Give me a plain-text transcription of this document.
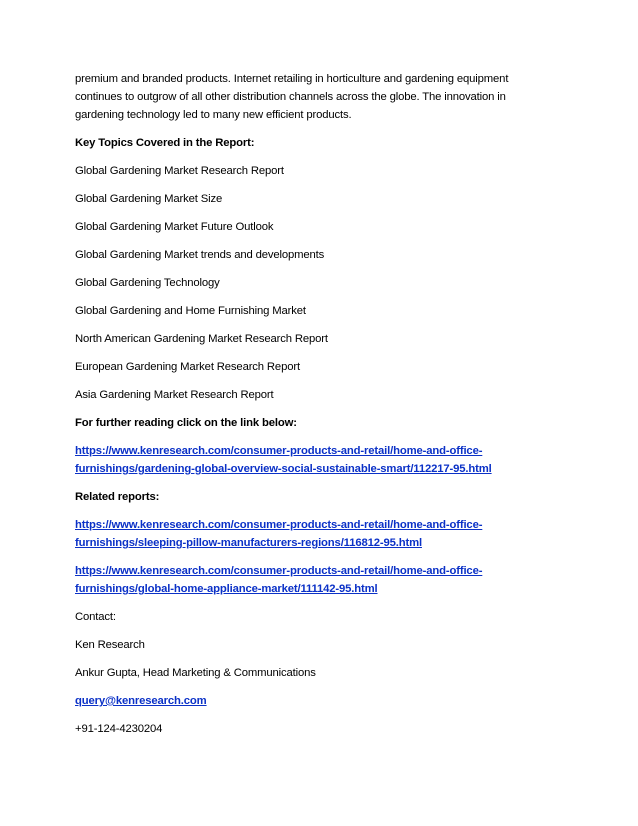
premium and branded products. Internet retailing in horticulture and gardening equipment
continues to outgrow of all other distribution channels across the globe. The innovation in
gardening technology led to many new efficient products.

Key Topics Covered in the Report:

Global Gardening Market Research Report

Global Gardening Market Size

Global Gardening Market Future Outlook

Global Gardening Market trends and developments

Global Gardening Technology

Global Gardening and Home Furnishing Market

North American Gardening Market Research Report

European Gardening Market Research Report

Asia Gardening Market Research Report

For further reading click on the link below:

https://www.kenresearch.com/consumer-products-and-retail/home-and-office-
furnishings/gardening-global-overview-social-sustainable-smart/112217-95.html

Related reports:

https://www.kenresearch.com/consumer-products-and-retail/home-and-office-
furnishings/sleeping-pillow-manufacturers-regions/116812-95.html
https://www.kenresearch.com/consumer-products-and-retail/home-and-office-
furnishings/global-home-appliance-market/111142-95.html

Contact:

Ken Research

Ankur Gupta, Head Marketing & Communications

query@kenresearch.com

+91-124-4230204
